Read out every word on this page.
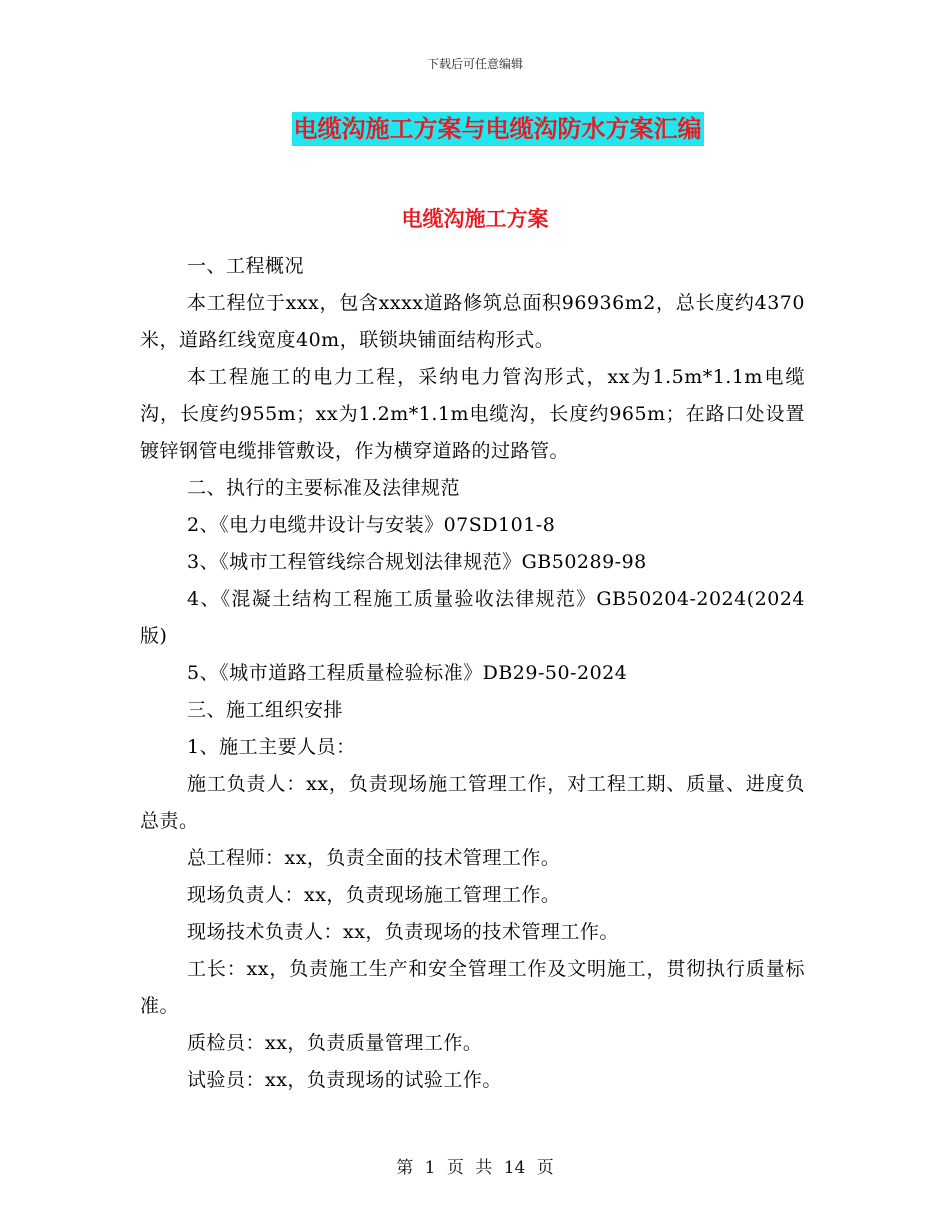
下载后可任意编辑
电缆沟施工方案与电缆沟防水方案汇编
电缆沟施工方案

一、工程概况

本工程位于xxx，包含xxxx道路修筑总面积96936m2，总长度约4370米，道路红线宽度40m，联锁块铺面结构形式。

本工程施工的电力工程，采纳电力管沟形式，xx为1.5m*1.1m电缆沟，长度约955m；xx为1.2m*1.1m电缆沟，长度约965m；在路口处设置镀锌钢管电缆排管敷设，作为横穿道路的过路管。

二、执行的主要标准及法律规范

2、《电力电缆井设计与安装》07SD101-8

3、《城市工程管线综合规划法律规范》GB50289-98

4、《混凝土结构工程施工质量验收法律规范》GB50204-2024(2024版)

5、《城市道路工程质量检验标准》DB29-50-2024

三、施工组织安排

1、施工主要人员：

施工负责人：xx，负责现场施工管理工作，对工程工期、质量、进度负总责。

总工程师：xx，负责全面的技术管理工作。

现场负责人：xx，负责现场施工管理工作。

现场技术负责人：xx，负责现场的技术管理工作。

工长：xx，负责施工生产和安全管理工作及文明施工，贯彻执行质量标准。

质检员：xx，负责质量管理工作。

试验员：xx，负责现场的试验工作。

第 1 页 共 14 页
